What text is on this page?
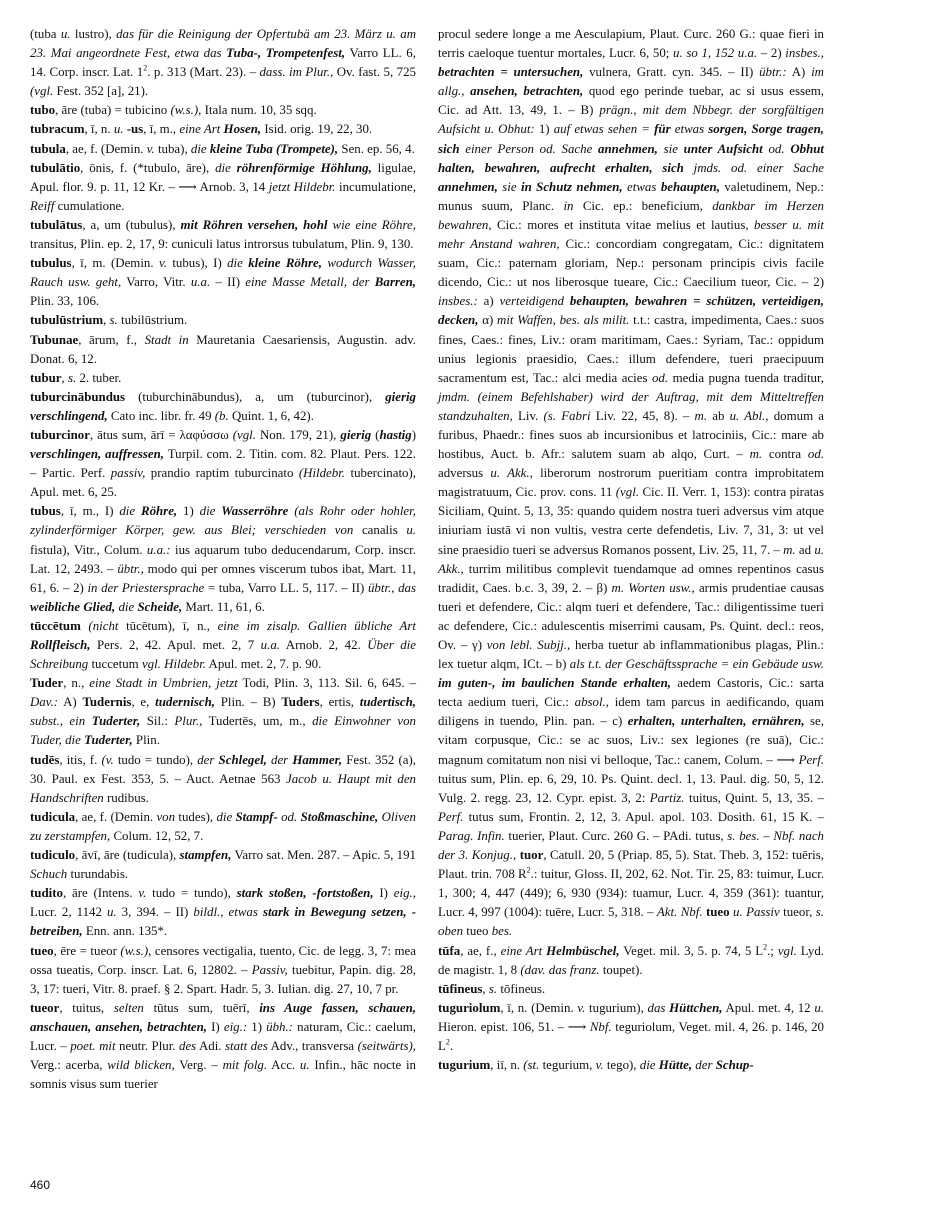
(tuba u. lustro), das für die Reinigung der Opfertubä am 23. März u. am 23. Mai angeordnete Fest, etwa das Tuba-, Trompetenfest, Varro LL. 6, 14. Corp. inscr. Lat. $1^2$. p. 313 (Mart. 23). – dass. im Plur., Ov. fast. 5, 725 (vgl. Fest. 352 [a], 21).

tubo, āre (tuba) = tubicino (w.s.), Itala num. 10, 35 sqq.

tubracum, ī, n. u. -us, ī, m., eine Art Hosen, Isid. orig. 19, 22, 30.

tubula, ae, f. (Demin. v. tuba), die kleine Tuba (Trompete), Sen. ep. 56, 4.

tubulātio, ōnis, f. (*tubulo, āre), die röhrenförmige Höhlung, ligulae, Apul. flor. 9. p. 11, 12 Kr. – ⟶ Arnob. 3, 14 jetzt Hildebr. incumulatione, Reiff cumulatione.

tubulātus, a, um (tubulus), mit Röhren versehen, hohl wie eine Röhre, transitus, Plin. ep. 2, 17, 9: cuniculi latus introrsus tubulatum, Plin. 9, 130.

tubulus, ī, m. (Demin. v. tubus), I) die kleine Röhre, wodurch Wasser, Rauch usw. geht, Varro, Vitr. u.a. – II) eine Masse Metall, der Barren, Plin. 33, 106.

tubulūstrium, s. tubilūstrium.

Tubunae, ārum, f., Stadt in Mauretania Caesariensis, Augustin. adv. Donat. 6, 12.

tubur, s. 2. tuber.

tuburcinābundus (tuburchinābundus), a, um (tuburcinor), gierig verschlingend, Cato inc. libr. fr. 49 (b. Quint. 1, 6, 42).

tuburcinor, ātus sum, ārī = λαφύσσω (vgl. Non. 179, 21), gierig (hastig) verschlingen, auffressen, Turpil. com. 2. Titin. com. 82. Plaut. Pers. 122. – Partic. Perf. passiv, prandio raptim tuburcinato (Hildebr. tubercinato), Apul. met. 6, 25.

tubus, ī, m., I) die Röhre, 1) die Wasserröhre (als Rohr oder hohler, zylinderförmiger Körper, gew. aus Blei; verschieden von canalis u. fistula), Vitr., Colum. u.a.: ius aquarum tubo deducendarum, Corp. inscr. Lat. 12, 2493. – übtr., modo qui per omnes viscerum tubos ibat, Mart. 11, 61, 6. – 2) in der Priestersprache = tuba, Varro LL. 5, 117. – II) übtr., das weibliche Glied, die Scheide, Mart. 11, 61, 6.

tūccētum (nicht tūcētum), ī, n., eine im zisalp. Gallien übliche Art Rollfleisch, Pers. 2, 42. Apul. met. 2, 7 u.a. Arnob. 2, 42. Über die Schreibung tuccetum vgl. Hildebr. Apul. met. 2, 7. p. 90.

Tuder, n., eine Stadt in Umbrien, jetzt Todi, Plin. 3, 113. Sil. 6, 645. – Dav.: A) Tudernis, e, tudernisch, Plin. – B) Tuders, ertis, tudertisch, subst., ein Tuderter, Sil.: Plur., Tudertēs, um, m., die Einwohner von Tuder, die Tuderter, Plin.

tudēs, itis, f. (v. tudo = tundo), der Schlegel, der Hammer, Fest. 352 (a), 30. Paul. ex Fest. 353, 5. – Auct. Aetnae 563 Jacob u. Haupt mit den Handschriften rudibus.

tudicula, ae, f. (Demin. von tudes), die Stampf- od. Stoßmaschine, Oliven zu zerstampfen, Colum. 12, 52, 7.

tudiculo, āvī, āre (tudicula), stampfen, Varro sat. Men. 287. – Apic. 5, 191 Schuch turundabis.

tudito, āre (Intens. v. tudo = tundo), stark stoßen, -fortstoßen, I) eig., Lucr. 2, 1142 u. 3, 394. – II) bildl., etwas stark in Bewegung setzen, -betreiben, Enn. ann. 135*.

tueo, ēre = tueor (w.s.), censores vectigalia, tuento, Cic. de legg. 3, 7: mea ossa tueatis, Corp. inscr. Lat. 6, 12802. – Passiv, tuebitur, Papin. dig. 28, 3, 17: tueri, Vitr. 8. praef. § 2. Spart. Hadr. 5, 3. Iulian. dig. 27, 10, 7 pr.

tueor, tuitus, selten tūtus sum, tuērī, ins Auge fassen, schauen, anschauen, ansehen, betrachten, I) eig.: 1) übh.: naturam, Cic.: caelum, Lucr. – poet. mit neutr. Plur. des Adi. statt des Adv., transversa (seitwärts), Verg.: acerba, wild blicken, Verg. – mit folg. Acc. u. Infin., hāc nocte in somnis visus sum tuerier

procul sedere longe a me Aesculapium, Plaut. Curc. 260 G.: quae fieri in terris caeloque tuentur mortales, Lucr. 6, 50; u. so 1, 152 u.a. – 2) insbes., betrachten = untersuchen, vulnera, Gratt. cyn. 345. – II) übtr.: A) im allg., ansehen, betrachten, quod ego perinde tuebar, ac si usus essem, Cic. ad Att. 13, 49, 1. – B) prägn., mit dem Nbbegr. der sorgfältigen Aufsicht u. Obhut: 1) auf etwas sehen = für etwas sorgen, Sorge tragen, sich einer Person od. Sache annehmen, sie unter Aufsicht od. Obhut halten, bewahren, aufrecht erhalten, sich jmds. od. einer Sache annehmen, sie in Schutz nehmen, etwas behaupten, valetudinem, Nep.: munus suum, Planc. in Cic. ep.: beneficium, dankbar im Herzen bewahren, Cic.: mores et instituta vitae melius et lautius, besser u. mit mehr Anstand wahren, Cic.: concordiam congregatam, Cic.: dignitatem suam, Cic.: paternam gloriam, Nep.: personam principis civis facile dicendo, Cic.: ut nos liberosque tueare, Cic.: Caecilium tueor, Cic. – 2) insbes.: a) verteidigend behaupten, bewahren = schützen, verteidigen, decken, α) mit Waffen, bes. als milit. t.t.: castra, impedimenta, Caes.: suos fines, Caes.: fines, Liv.: oram maritimam, Caes.: Syriam, Tac.: oppidum unius legionis praesidio, Caes.: illum defendere, tueri praecipuum sacramentum est, Tac.: alci media acies od. media pugna tuenda traditur, jmdm. (einem Befehlshaber) wird der Auftrag, mit dem Mitteltreffen standzuhalten, Liv. (s. Fabri Liv. 22, 45, 8). – m. ab u. Abl., domum a furibus, Phaedr.: fines suos ab incursionibus et latrociniis, Cic.: mare ab hostibus, Auct. b. Afr.: salutem suam ab alqo, Curt. – m. contra od. adversus u. Akk., liberorum nostrorum pueritiam contra improbitatem magistratuum, Cic. prov. cons. 11 (vgl. Cic. II. Verr. 1, 153): contra piratas Siciliam, Quint. 5, 13, 35: quando quidem nostra tueri adversus vim atque iniuriam iustā vi non vultis, vestra certe defendetis, Liv. 7, 31, 3: ut vel sine praesidio tueri se adversus Romanos possent, Liv. 25, 11, 7. – m. ad u. Akk., turrim militibus complevit tuendamque ad omnes repentinos casus tradidit, Caes. b.c. 3, 39, 2. – β) m. Worten usw., armis prudentiae causas tueri et defendere, Cic.: alqm tueri et defendere, Tac.: diligentissime tueri ac defendere, Cic.: adulescentis miserrimi causam, Ps. Quint. decl.: reos, Ov. – γ) von lebl. Subjj., herba tuetur ab inflammationibus plagas, Plin.: lex tuetur alqm, ICt. – b) als t.t. der Geschäftssprache = ein Gebäude usw. im guten-, im baulichen Stande erhalten, aedem Castoris, Cic.: sarta tecta aedium tueri, Cic.: absol., idem tam parcus in aedificando, quam diligens in tuendo, Plin. pan. – c) erhalten, unterhalten, ernähren, se, vitam corpusque, Cic.: se ac suos, Liv.: sex legiones (re suā), Cic.: magnum comitatum non nisi vi belloque, Tac.: canem, Colum. – ⟶ Perf. tuitus sum, Plin. ep. 6, 29, 10. Ps. Quint. decl. 1, 13. Paul. dig. 50, 5, 12. Vulg. 2. regg. 23, 12. Cypr. epist. 3, 2: Partiz. tuitus, Quint. 5, 13, 35. – Perf. tutus sum, Frontin. 2, 12, 3. Apul. apol. 103. Dosith. 61, 15 K. – Parag. Infin. tuerier, Plaut. Curc. 260 G. – PAdi. tutus, s. bes. – Nbf. nach der 3. Konjug., tuor, Catull. 20, 5 (Priap. 85, 5). Stat. Theb. 3, 152: tuēris, Plaut. trin. 708 $R^2$.: tuitur, Gloss. II, 202, 62. Not. Tir. 25, 83: tuimur, Lucr. 1, 300; 4, 447 (449); 6, 930 (934): tuamur, Lucr. 4, 359 (361): tuantur, Lucr. 4, 997 (1004): tuēre, Lucr. 5, 318. – Akt. Nbf. tueo u. Passiv tueor, s. oben tueo bes.

tūfa, ae, f., eine Art Helmbüschel, Veget. mil. 3, 5. p. 74, 5 $L^2$.; vgl. Lyd. de magistr. 1, 8 (dav. das franz. toupet).

tūfineus, s. tōfineus.

tuguriolum, ī, n. (Demin. v. tugurium), das Hüttchen, Apul. met. 4, 12 u. Hieron. epist. 106, 51. – ⟶ Nbf. teguriolum, Veget. mil. 4, 26. p. 146, 20 $L^2$.

tugurium, iī, n. (st. tegurium, v. tego), die Hütte, der Schup-

460
